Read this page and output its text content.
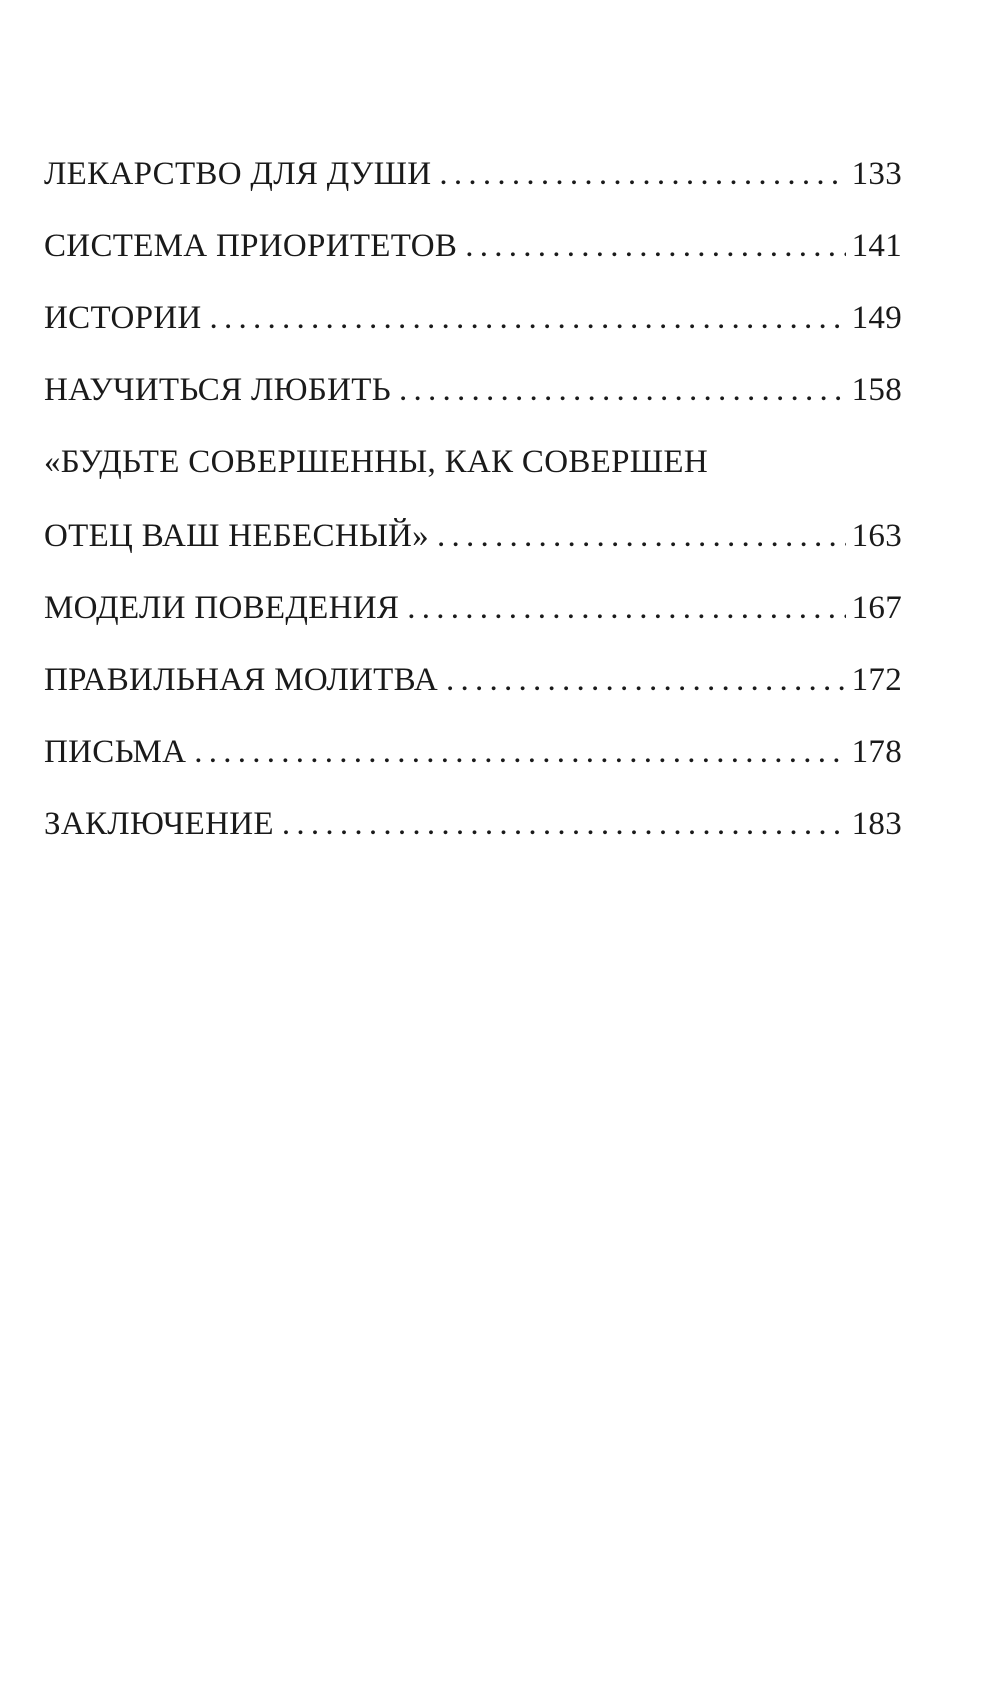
ЛЕКАРСТВО ДЛЯ ДУШИ . . .	133
СИСТЕМА ПРИОРИТЕТОВ . . .	141
ИСТОРИИ . . .	149
НАУЧИТЬСЯ ЛЮБИТЬ . . .	158
«БУДЬТЕ СОВЕРШЕННЫ, КАК СОВЕРШЕН
ОТЕЦ ВАШ НЕБЕСНЫЙ» . . .	163
МОДЕЛИ ПОВЕДЕНИЯ . . .	167
ПРАВИЛЬНАЯ МОЛИТВА . . .	172
ПИСЬМА . . .	178
ЗАКЛЮЧЕНИЕ . . .	183
